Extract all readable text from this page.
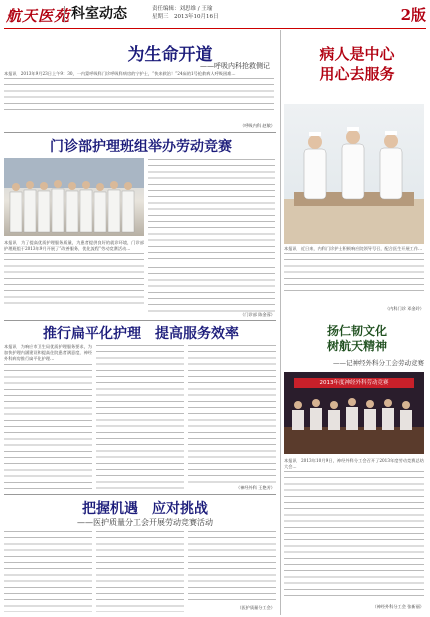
航天医苑 科室动态	责任编辑：刘思维 / 王瑜
星期三　2013年10月16日	2版
为生命开道
——呼吸内科抢救侧记

本报讯　2013年9月23日上午9：30，一内蒙呼吸科门诊呼吸科病房的宁护士，“快来救治！”24床的1号抢救病人呼吸困难…

（呼吸内科 赵敏）
门诊部护理班组举办劳动竞赛

本报讯　为了提高优质护理服务质量，为患者提供良好的就诊环境，门诊部护理班组于2013年9月开展了“改善服务，优化流程”劳动竞赛活动…

（门诊部 陈金蓉）
推行扁平化护理　提高服务效率

本报讯　为响应市卫生局优质护理服务要求，为加快护理内涵建设和提高住院患者满意度，神经外科病房推行扁平化护理…

（神经外科 王艳芳）
把握机遇　应对挑战
——医护质量分工会开展劳动竞赛活动
（医护质量分工会）
病人是中心
用心去服务

本报讯　近日来，内科门诊护士积极响应院领导号召，配合医生开展工作…

（内科门诊 邓金玲）
扬仁韧文化
树航天精神
——记神经外科分工会劳动竞赛
2013年度神经外科劳动竞赛

本报讯　2013年10月9日，神经外科分工会召开了2013年度劳动竞赛总结大会…

（神经外科分工会 张新丽）
